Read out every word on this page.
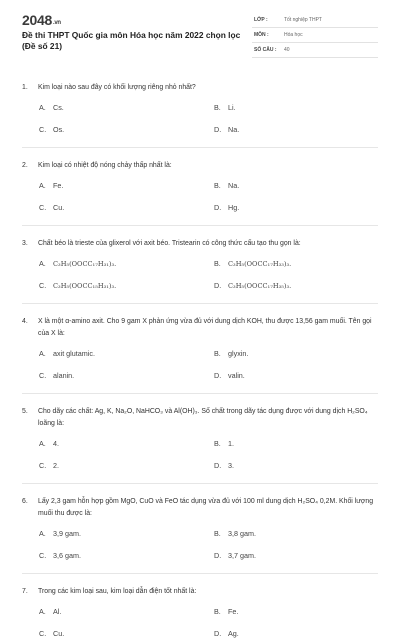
2048.vn
Đề thi THPT Quốc gia môn Hóa học năm 2022 chọn lọc (Đề số 21)
LỚP :	Tốt nghiệp THPT
MÔN :	Hóa học
SỐ CÂU : 40
1.	Kim loại nào sau đây có khối lượng riêng nhỏ nhất?
A.	Cs.	B.	Li.
C. Os.	D. Na.
2.	Kim loại có nhiệt độ nóng chảy thấp nhất là:
A.	Fe.	B.	Na.
C. Cu.	D. Hg.
3.	Chất béo là trieste của glixerol với axit béo. Tristearin có công thức cấu tạo thu gọn là:
A.	C₃H₅(OOCC₁₇H₃₁)₃.	B.	C₃H₅(OOCC₁₇H₃₃)₃.
C.	C₃H₅(OOCC₁₅H₃₁)₃.	D.	C₃H₅(OOCC₁₇H₃₅)₃.
4.	X là một α-amino axit. Cho 9 gam X phản ứng vừa đủ với dung dịch KOH, thu được 13,56 gam muối. Tên gọi của X là:
A.	axit glutamic.	B.	glyxin.
C. alanin.	D. valin.
5.	Cho dãy các chất: Ag, K, Na₂O, NaHCO₃ và Al(OH)₃. Số chất trong dãy tác dụng được với dung dịch H₂SO₄ loãng là:
A.	4.	B.	1.
C. 2.	D. 3.
6.	Lấy 2,3 gam hỗn hợp gồm MgO, CuO và FeO tác dụng vừa đủ với 100 ml dung dịch H₂SO₄ 0,2M. Khối lượng muối thu được là:
A.	3,9 gam.	B.	3,8 gam.
C. 3,6 gam.	D. 3,7 gam.
7.	Trong các kim loại sau, kim loại dẫn điện tốt nhất là:
A.	Al.	B.	Fe.
C. Cu.	D. Ag.
